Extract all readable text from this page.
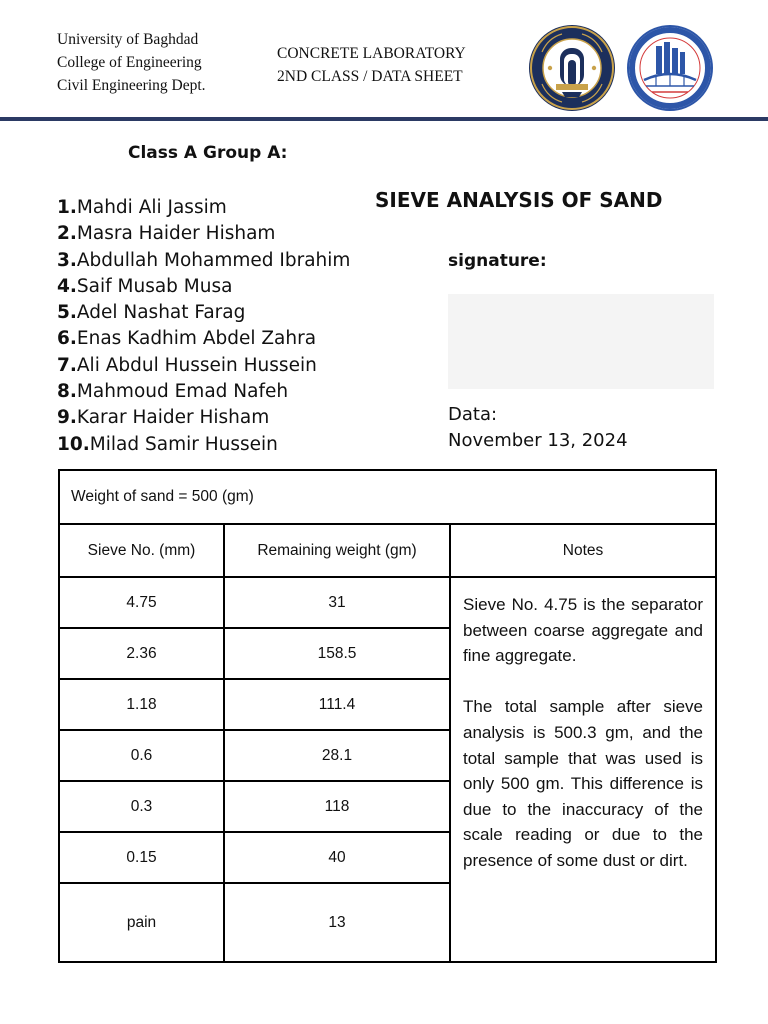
University of Baghdad
College of Engineering
Civil Engineering Dept.
CONCRETE LABORATORY
2ND CLASS / DATA SHEET
Class A Group A:
1.Mahdi Ali Jassim
2.Masra Haider Hisham
3.Abdullah Mohammed Ibrahim
4.Saif Musab Musa
5.Adel Nashat Farag
6.Enas Kadhim Abdel Zahra
7.Ali Abdul Hussein Hussein
8.Mahmoud Emad Nafeh
9.Karar Haider Hisham
10.Milad Samir Hussein
SIEVE ANALYSIS OF SAND
signature:
Data:
November 13, 2024
Weight of sand = 500 (gm)		
Sieve No. (mm)	Remaining weight (gm)	Notes
4.75	31	Sieve No. 4.75 is the separator between coarse aggregate and fine aggregate.

The total sample after sieve analysis is 500.3 gm, and the total sample that was used is only 500 gm. This difference is due to the inaccuracy of the scale reading or due to the presence of some dust or dirt.

2.36	158.5	
1.18	111.4	
0.6	28.1	
0.3	118	
0.15	40	
pain	13	
